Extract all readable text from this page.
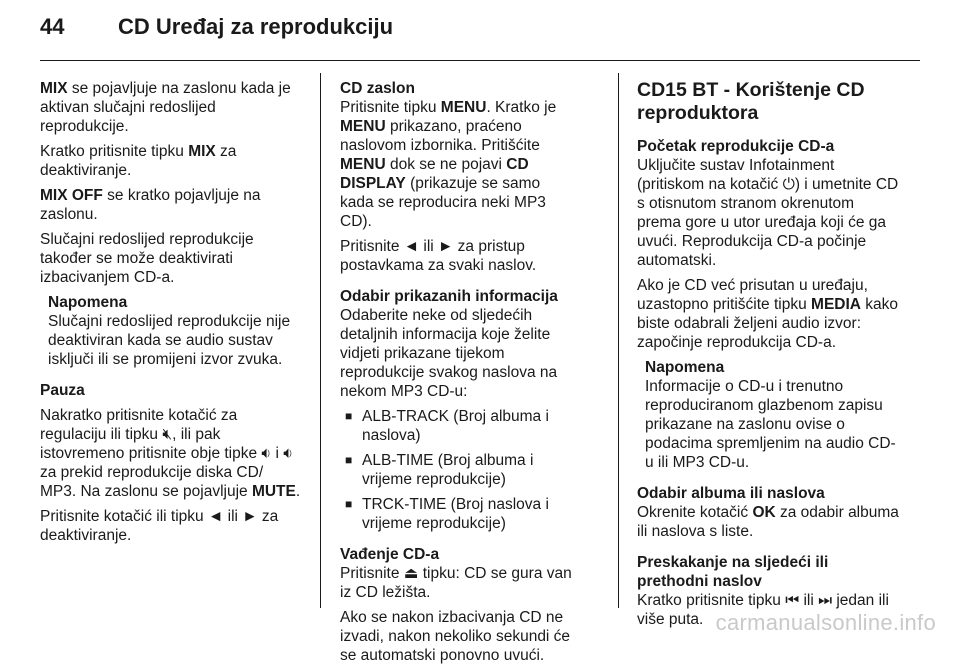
44	CD Uređaj za reprodukciju

MIX se pojavljuje na zaslonu kada je aktivan slučajni redoslijed reprodukcije.

Kratko pritisnite tipku MIX za deaktiviranje.

MIX OFF se kratko pojavljuje na zaslonu.

Slučajni redoslijed reprodukcije također se može deaktivirati izbacivanjem CD-a.

Napomena
Slučajni redoslijed reprodukcije nije deaktiviran kada se audio sustav isključi ili se promijeni izvor zvuka.

Pauza

Nakratko pritisnite kotačić za regulaciju ili tipku 🔇︎, ili pak istovremeno pritisnite obje tipke 🔉︎ i 🔉︎ za prekid reprodukcije diska CD/ MP3. Na zaslonu se pojavljuje MUTE.

Pritisnite kotačić ili tipku ◄ ili ► za deaktiviranje.

CD zaslon

Pritisnite tipku MENU. Kratko je MENU prikazano, praćeno naslovom izbornika. Pritišćite MENU dok se ne pojavi CD DISPLAY (prikazuje se samo kada se reproducira neki MP3 CD).

Pritisnite ◄ ili ► za pristup postavkama za svaki naslov.

Odabir prikazanih informacija

Odaberite neke od sljedećih detaljnih informacija koje želite vidjeti prikazane tijekom reprodukcije svakog naslova na nekom MP3 CD-u:

■ ALB-TRACK (Broj albuma i naslova)
■ ALB-TIME (Broj albuma i vrijeme reprodukcije)
■ TRCK-TIME (Broj naslova i vrijeme reprodukcije)

Vađenje CD-a

Pritisnite ⏏ tipku: CD se gura van iz CD ležišta.

Ako se nakon izbacivanja CD ne izvadi, nakon nekoliko sekundi će se automatski ponovno uvući.

CD15 BT - Korištenje CD reproduktora

Početak reprodukcije CD-a

Uključite sustav Infotainment (pritiskom na kotačić ⏻) i umetnite CD s otisnutom stranom okrenutom prema gore u utor uređaja koji će ga uvući. Reprodukcija CD-a počinje automatski.

Ako je CD već prisutan u uređaju, uzastopno pritišćite tipku MEDIA kako biste odabrali željeni audio izvor: započinje reprodukcija CD-a.

Napomena
Informacije o CD-u i trenutno reproduciranom glazbenom zapisu prikazane na zaslonu ovise o podacima spremljenim na audio CD-u ili MP3 CD-u.

Odabir albuma ili naslova

Okrenite kotačić OK za odabir albuma ili naslova s liste.

Preskakanje na sljedeći ili prethodni naslov

Kratko pritisnite tipku ⏮ ili ⏭ jedan ili više puta. carmanualsonline.info
